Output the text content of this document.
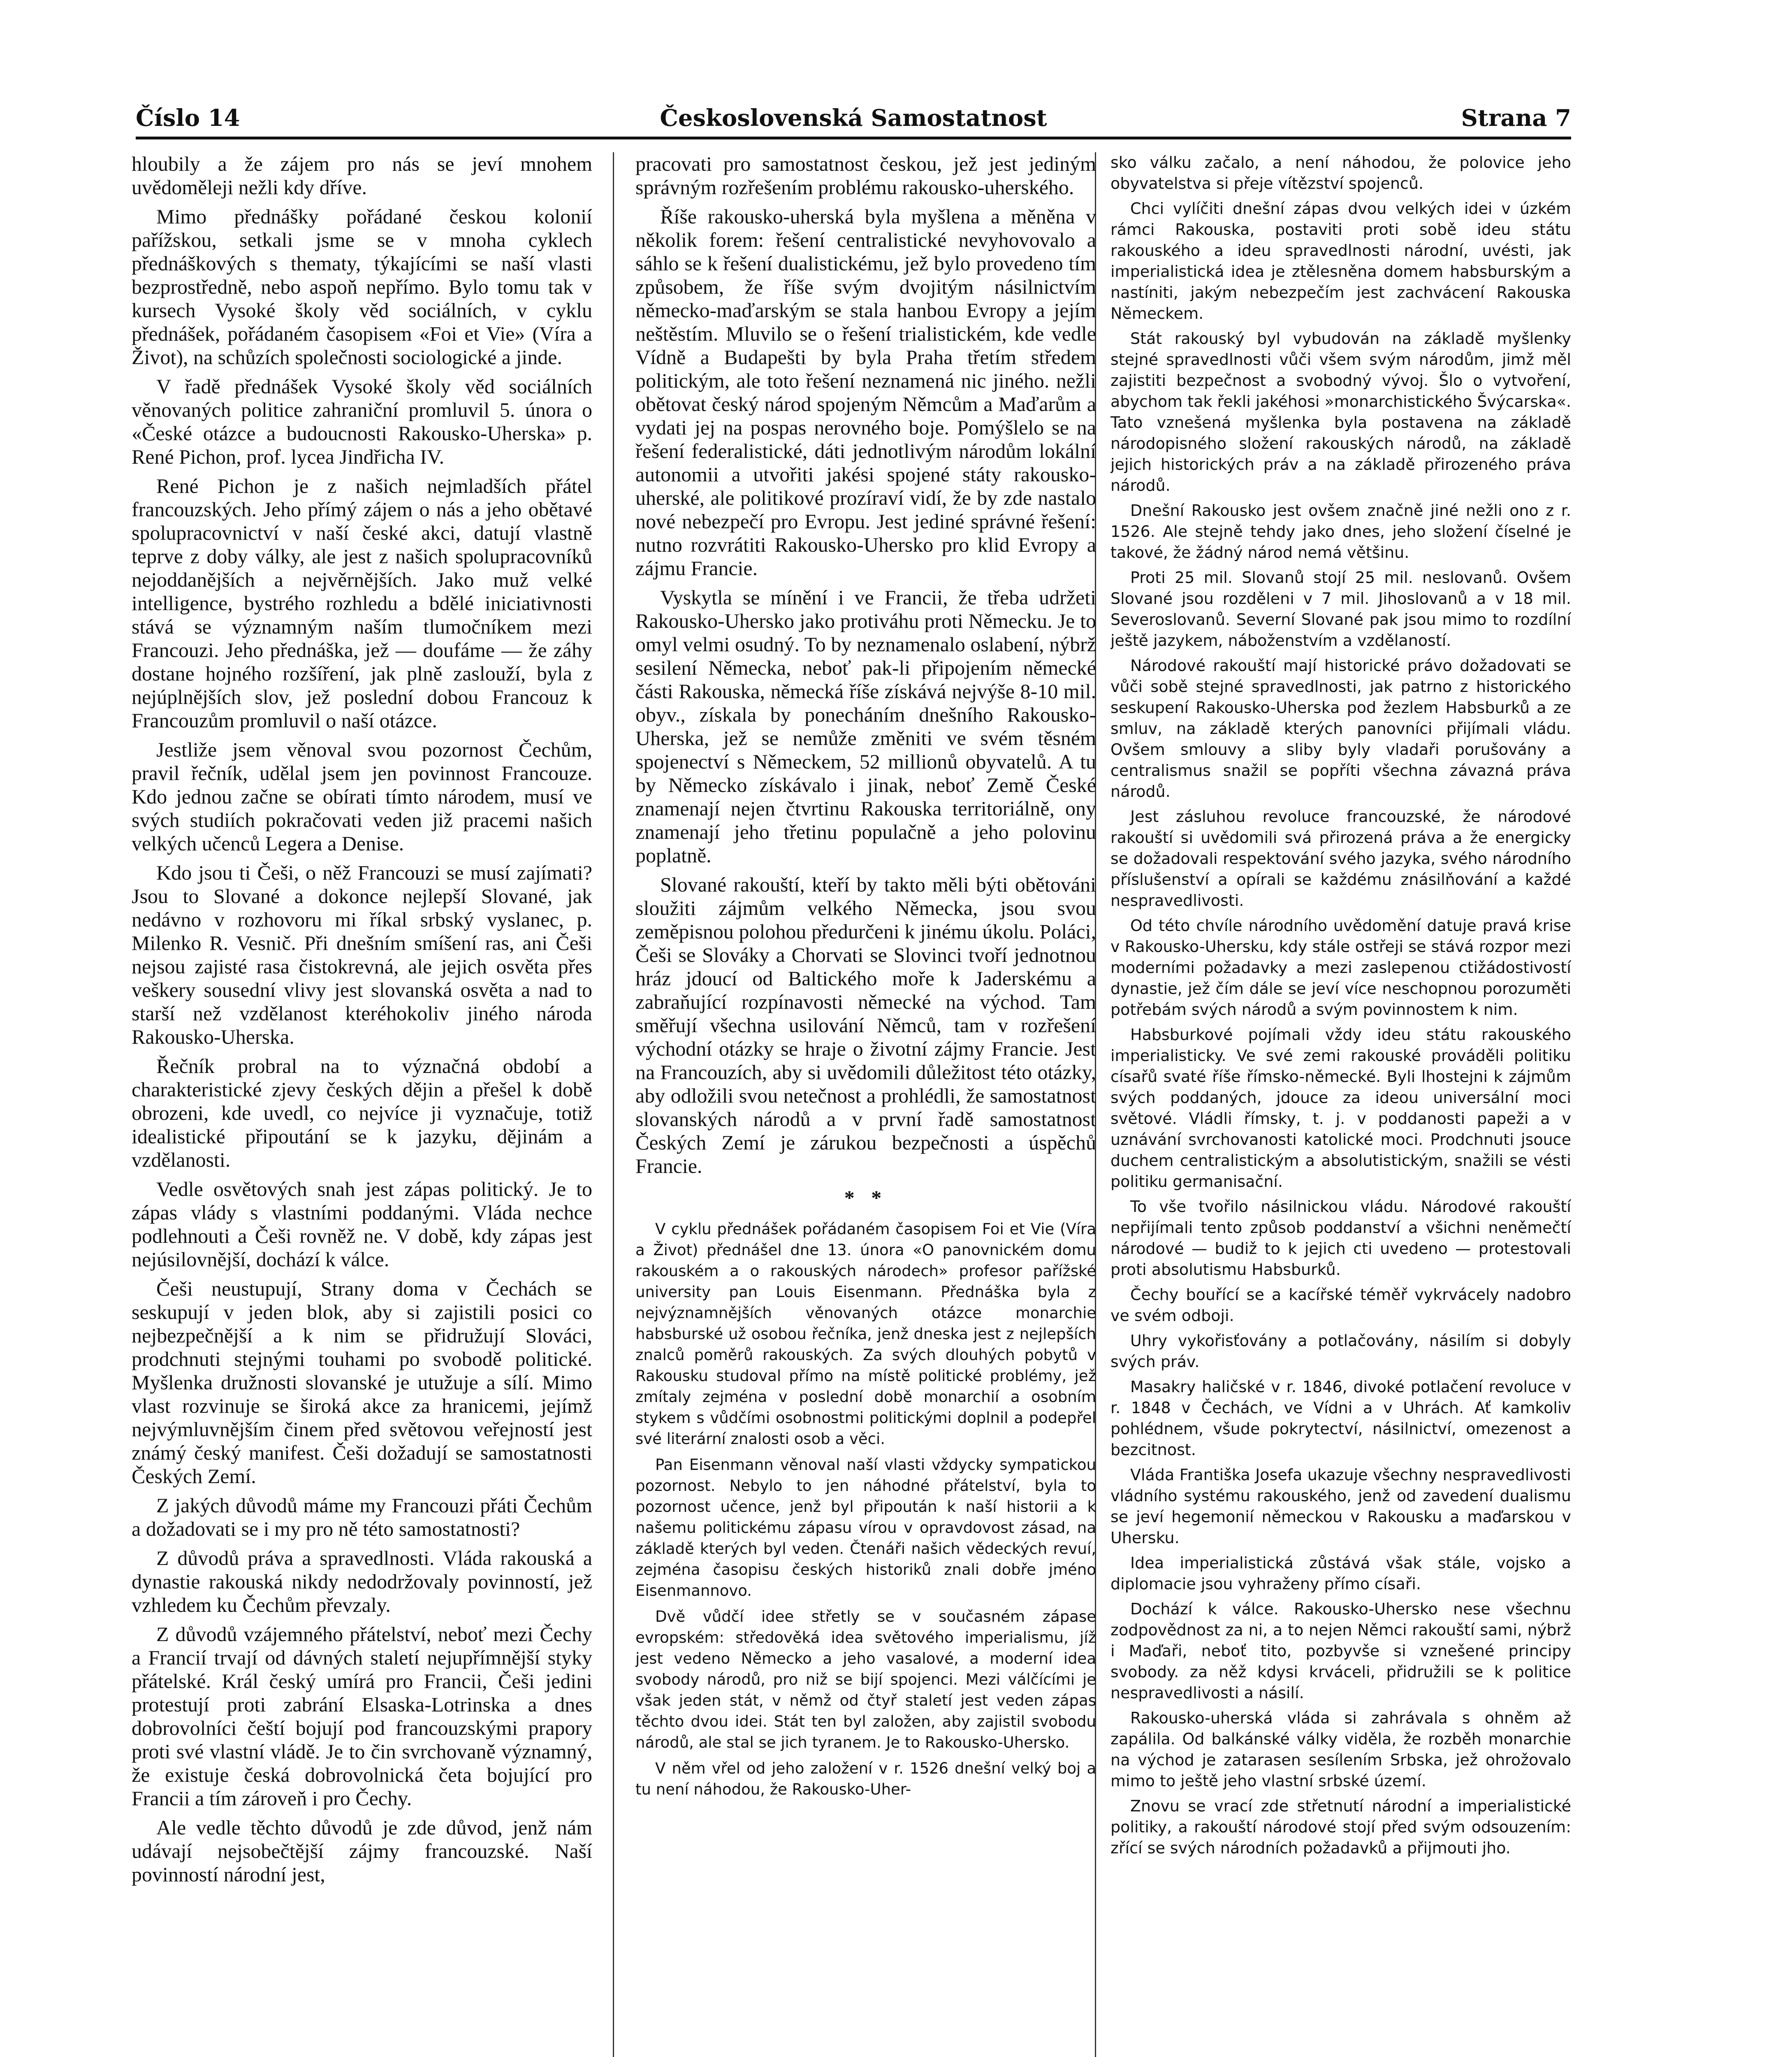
Číslo 14	Československá Samostatnost	Strana 7

hloubily a že zájem pro nás se jeví mnohem uvědoměleji nežli kdy dříve.

Mimo přednášky pořádané českou kolonií pařížskou, setkali jsme se v mnoha cyklech přednáškových s thematy, týkajícími se naší vlasti bezprostředně, nebo aspoň nepřímo. Bylo tomu tak v kursech Vysoké školy věd sociálních, v cyklu přednášek, pořádaném časopisem «Foi et Vie» (Víra a Život), na schůzích společnosti sociologické a jinde.

V řadě přednášek Vysoké školy věd sociálních věnovaných politice zahraniční promluvil 5. února o «České otázce a budoucnosti Rakousko-Uherska» p. René Pichon, prof. lycea Jindřicha IV.

René Pichon je z našich nejmladších přátel francouzských. Jeho přímý zájem o nás a jeho obětavé spolupracovnictví v naší české akci, datují vlastně teprve z doby války, ale jest z našich spolupracovníků nejoddanějších a nejvěrnějších. Jako muž velké intelligence, bystrého rozhledu a bdělé iniciativnosti stává se významným naším tlumočníkem mezi Francouzi. Jeho přednáška, jež — doufáme — že záhy dostane hojného rozšíření, jak plně zaslouží, byla z nejúplnějších slov, jež poslední dobou Francouz k Francouzům promluvil o naší otázce.

Jestliže jsem věnoval svou pozornost Čechům, pravil řečník, udělal jsem jen povinnost Francouze. Kdo jednou začne se obírati tímto národem, musí ve svých studiích pokračovati veden již pracemi našich velkých učenců Legera a Denise.

Kdo jsou ti Češi, o něž Francouzi se musí zajímati? Jsou to Slované a dokonce nejlepší Slované, jak nedávno v rozhovoru mi říkal srbský vyslanec, p. Milenko R. Vesnič. Při dnešním smíšení ras, ani Češi nejsou zajisté rasa čistokrevná, ale jejich osvěta přes veškery sousední vlivy jest slovanská osvěta a nad to starší než vzdělanost kteréhokoliv jiného národa Rakousko-Uherska.

Řečník probral na to význačná období a charakteristické zjevy českých dějin a přešel k době obrozeni, kde uvedl, co nejvíce ji vyznačuje, totiž idealistické připoutání se k jazyku, dějinám a vzdělanosti.

Vedle osvětových snah jest zápas politický. Je to zápas vlády s vlastními poddanými. Vláda nechce podlehnouti a Češi rovněž ne. V době, kdy zápas jest nejúsilovnější, dochází k válce.

Češi neustupují, Strany doma v Čechách se seskupují v jeden blok, aby si zajistili posici co nejbezpečnější a k nim se přidružují Slováci, prodchnuti stejnými touhami po svobodě politické. Myšlenka družnosti slovanské je utužuje a sílí. Mimo vlast rozvinuje se široká akce za hranicemi, jejímž nejvýmluvnějším činem před světovou veřejností jest známý český manifest. Češi dožadují se samostatnosti Českých Zemí.

Z jakých důvodů máme my Francouzi přáti Čechům a dožadovati se i my pro ně této samostatnosti?

Z důvodů práva a spravedlnosti. Vláda rakouská a dynastie rakouská nikdy nedodržovaly povinností, jež vzhledem ku Čechům převzaly.

Z důvodů vzájemného přátelství, neboť mezi Čechy a Francií trvají od dávných staletí nejupřímnější styky přátelské. Král český umírá pro Francii, Češi jedini protestují proti zabrání Elsaska-Lotrinska a dnes dobrovolníci čeští bojují pod francouzskými prapory proti své vlastní vládě. Je to čin svrchovaně významný, že existuje česká dobrovolnická četa bojující pro Francii a tím zároveň i pro Čechy.

Ale vedle těchto důvodů je zde důvod, jenž nám udávají nejsobečtější zájmy francouzské. Naší povinností národní jest,

pracovati pro samostatnost českou, jež jest jediným správným rozřešením problému rakousko-uherského.

Říše rakousko-uherská byla myšlena a měněna v několik forem: řešení centralistické nevyhovovalo a sáhlo se k řešení dualistickému, jež bylo provedeno tím způsobem, že říše svým dvojitým násilnictvím německo-maďarským se stala hanbou Evropy a jejím neštěstím. Mluvilo se o řešení trialistickém, kde vedle Vídně a Budapešti by byla Praha třetím středem politickým, ale toto řešení neznamená nic jiného. nežli obětovat český národ spojeným Němcům a Maďarům a vydati jej na pospas nerovného boje. Pomýšlelo se na řešení federalistické, dáti jednotlivým národům lokální autonomii a utvořiti jakési spojené státy rakousko-uherské, ale politikové prozíraví vidí, že by zde nastalo nové nebezpečí pro Evropu. Jest jediné správné řešení: nutno rozvrátiti Rakousko-Uhersko pro klid Evropy a zájmu Francie.

Vyskytla se mínění i ve Francii, že třeba udržeti Rakousko-Uhersko jako protiváhu proti Německu. Je to omyl velmi osudný. To by neznamenalo oslabení, nýbrž sesilení Německa, neboť pak-li připojením německé části Rakouska, německá říše získává nejvýše 8-10 mil. obyv., získala by ponecháním dnešního Rakousko-Uherska, jež se nemůže změniti ve svém těsném spojenectví s Německem, 52 millionů obyvatelů. A tu by Německo získávalo i jinak, neboť Země České znamenají nejen čtvrtinu Rakouska territoriálně, ony znamenají jeho třetinu populačně a jeho polovinu poplatně.

Slované rakouští, kteří by takto měli býti obětováni sloužiti zájmům velkého Německa, jsou svou zeměpisnou polohou předurčeni k jinému úkolu. Poláci, Češi se Slováky a Chorvati se Slovinci tvoří jednotnou hráz jdoucí od Baltického moře k Jaderskému a zabraňující rozpínavosti německé na východ. Tam směřují všechna usilování Němců, tam v rozřešení východní otázky se hraje o životní zájmy Francie. Jest na Francouzích, aby si uvědomili důležitost této otázky, aby odložili svou netečnost a prohlédli, že samostatnost slovanských národů a v první řadě samostatnost Českých Zemí je zárukou bezpečnosti a úspěchů Francie.

* *

V cyklu přednášek pořádaném časopisem Foi et Vie (Víra a Život) přednášel dne 13. února «O panovnickém domu rakouském a o rakouských národech» profesor pařížské university pan Louis Eisenmann. Přednáška byla z nejvýznamnějších věnovaných otázce monarchie habsburské už osobou řečníka, jenž dneska jest z nejlepších znalců poměrů rakouských. Za svých dlouhých pobytů v Rakousku studoval přímo na místě politické problémy, jež zmítaly zejména v poslední době monarchií a osobním stykem s vůdčími osobnostmi politickými doplnil a podepřel své literární znalosti osob a věci.

Pan Eisenmann věnoval naší vlasti vždycky sympatickou pozornost. Nebylo to jen náhodné přátelství, byla to pozornost učence, jenž byl připoután k naší historii a k našemu politickému zápasu vírou v opravdovost zásad, na základě kterých byl veden. Čtenáři našich vědeckých revuí, zejména časopisu českých historiků znali dobře jméno Eisenmannovo.

Dvě vůdčí idee střetly se v současném zápase evropském: středověká idea světového imperialismu, jíž jest vedeno Německo a jeho vasalové, a moderní idea svobody národů, pro niž se bijí spojenci. Mezi válčícími je však jeden stát, v němž od čtyř staletí jest veden zápas těchto dvou idei. Stát ten byl založen, aby zajistil svobodu národů, ale stal se jich tyranem. Je to Rakousko-Uhersko.

V něm vřel od jeho založení v r. 1526 dnešní velký boj a tu není náhodou, že Rakousko-Uher-

sko válku začalo, a není náhodou, že polovice jeho obyvatelstva si přeje vítězství spojenců.

Chci vylíčiti dnešní zápas dvou velkých idei v úzkém rámci Rakouska, postaviti proti sobě ideu státu rakouského a ideu spravedlnosti národní, uvésti, jak imperialistická idea je ztělesněna domem habsburským a nastíniti, jakým nebezpečím jest zachvácení Rakouska Německem.

Stát rakouský byl vybudován na základě myšlenky stejné spravedlnosti vůči všem svým národům, jimž měl zajistiti bezpečnost a svobodný vývoj. Šlo o vytvoření, abychom tak řekli jakéhosi »monarchistického Švýcarska«. Tato vznešená myšlenka byla postavena na základě národopisného složení rakouských národů, na základě jejich historických práv a na základě přirozeného práva národů.

Dnešní Rakousko jest ovšem značně jiné nežli ono z r. 1526. Ale stejně tehdy jako dnes, jeho složení číselné je takové, že žádný národ nemá většinu.

Proti 25 mil. Slovanů stojí 25 mil. neslovanů. Ovšem Slované jsou rozděleni v 7 mil. Jihoslovanů a v 18 mil. Severoslovanů. Severní Slované pak jsou mimo to rozdílní ještě jazykem, náboženstvím a vzdělaností.

Národové rakouští mají historické právo dožadovati se vůči sobě stejné spravedlnosti, jak patrno z historického seskupení Rakousko-Uherska pod žezlem Habsburků a ze smluv, na základě kterých panovníci přijímali vládu. Ovšem smlouvy a sliby byly vladaři porušovány a centralismus snažil se popříti všechna závazná práva národů.

Jest zásluhou revoluce francouzské, že národové rakouští si uvědomili svá přirozená práva a že energicky se dožadovali respektování svého jazyka, svého národního příslušenství a opírali se každému znásilňování a každé nespravedlivosti.

Od této chvíle národního uvědomění datuje pravá krise v Rakousko-Uhersku, kdy stále ostřeji se stává rozpor mezi moderními požadavky a mezi zaslepenou ctižádostivostí dynastie, jež čím dále se jeví více neschopnou porozuměti potřebám svých národů a svým povinnostem k nim.

Habsburkové pojímali vždy ideu státu rakouského imperialisticky. Ve své zemi rakouské prováděli politiku císařů svaté říše římsko-německé. Byli lhostejni k zájmům svých poddaných, jdouce za ideou universální moci světové. Vládli římsky, t. j. v poddanosti papeži a v uznávání svrchovanosti katolické moci. Prodchnuti jsouce duchem centralistickým a absolutistickým, snažili se vésti politiku germanisační.

To vše tvořilo násilnickou vládu. Národové rakouští nepřijímali tento způsob poddanství a všichni neněmečtí národové — budiž to k jejich cti uvedeno — protestovali proti absolutismu Habsburků.

Čechy bouřící se a kacířské téměř vykrvácely nadobro ve svém odboji.

Uhry vykořisťovány a potlačovány, násilím si dobyly svých práv.

Masakry haličské v r. 1846, divoké potlačení revoluce v r. 1848 v Čechách, ve Vídni a v Uhrách. Ať kamkoliv pohlédnem, všude pokrytectví, násilnictví, omezenost a bezcitnost.

Vláda Františka Josefa ukazuje všechny nespravedlivosti vládního systému rakouského, jenž od zavedení dualismu se jeví hegemonií německou v Rakousku a maďarskou v Uhersku.

Idea imperialistická zůstává však stále, vojsko a diplomacie jsou vyhraženy přímo císaři.

Dochází k válce. Rakousko-Uhersko nese všechnu zodpovědnost za ni, a to nejen Němci rakouští sami, nýbrž i Maďaři, neboť tito, pozbyvše si vznešené principy svobody. za něž kdysi krváceli, přidružili se k politice nespravedlivosti a násilí.

Rakousko-uherská vláda si zahrávala s ohněm až zapálila. Od balkánské války viděla, že rozběh monarchie na východ je zatarasen sesílením Srbska, jež ohrožovalo mimo to ještě jeho vlastní srbské území.

Znovu se vrací zde střetnutí národní a imperialistické politiky, a rakouští národové stojí před svým odsouzením: zřící se svých národních požadavků a přijmouti jho.
